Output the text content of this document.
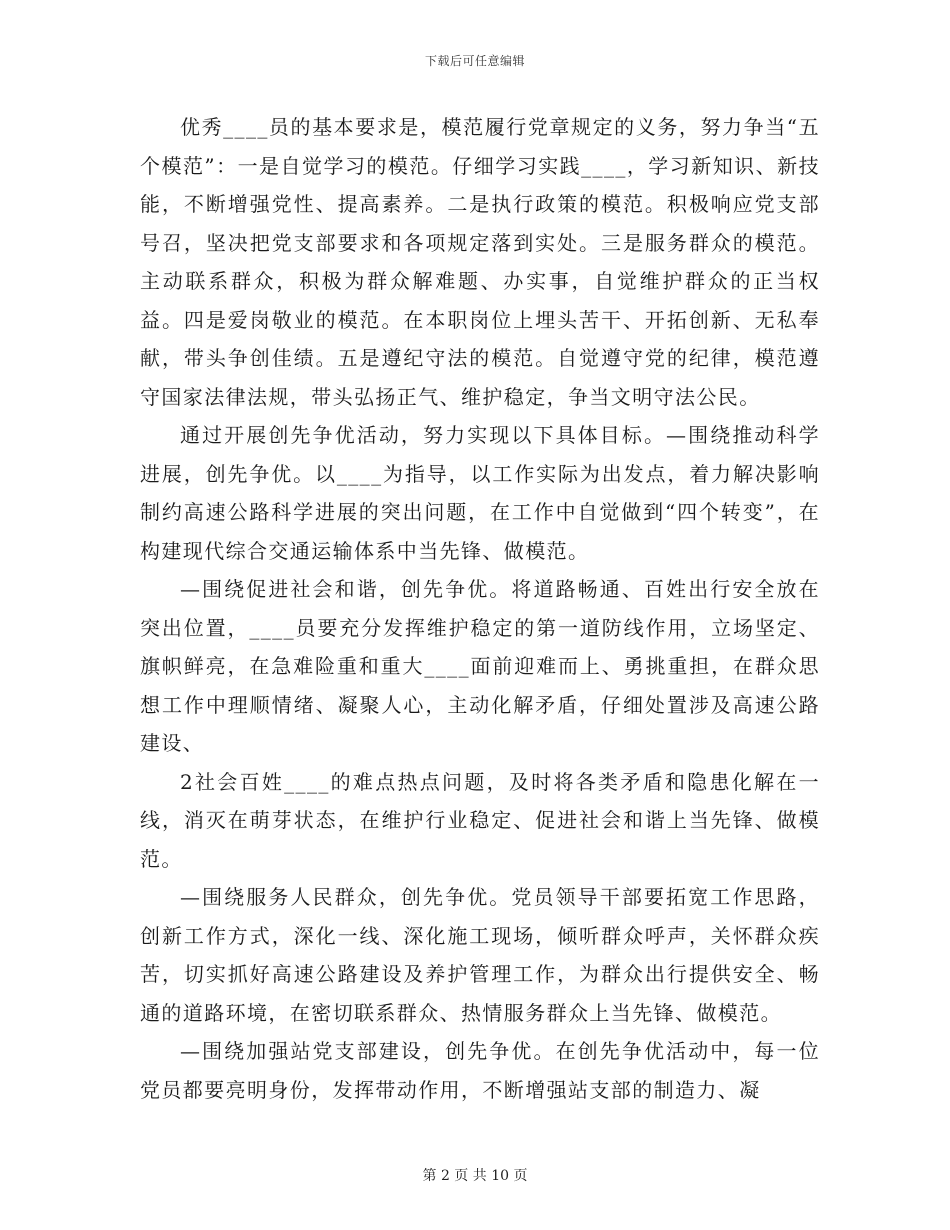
下载后可任意编辑

优秀____员的基本要求是，模范履行党章规定的义务，努力争当“五个模范”：一是自觉学习的模范。仔细学习实践____，学习新知识、新技能，不断增强党性、提高素养。二是执行政策的模范。积极响应党支部号召，坚决把党支部要求和各项规定落到实处。三是服务群众的模范。主动联系群众，积极为群众解难题、办实事，自觉维护群众的正当权益。四是爱岗敬业的模范。在本职岗位上埋头苦干、开拓创新、无私奉献，带头争创佳绩。五是遵纪守法的模范。自觉遵守党的纪律，模范遵守国家法律法规，带头弘扬正气、维护稳定，争当文明守法公民。

通过开展创先争优活动，努力实现以下具体目标。—围绕推动科学进展，创先争优。以____为指导，以工作实际为出发点，着力解决影响制约高速公路科学进展的突出问题，在工作中自觉做到“四个转变”，在构建现代综合交通运输体系中当先锋、做模范。

—围绕促进社会和谐，创先争优。将道路畅通、百姓出行安全放在突出位置，____员要充分发挥维护稳定的第一道防线作用，立场坚定、旗帜鲜亮，在急难险重和重大____面前迎难而上、勇挑重担，在群众思想工作中理顺情绪、凝聚人心，主动化解矛盾，仔细处置涉及高速公路建设、

2社会百姓____的难点热点问题，及时将各类矛盾和隐患化解在一线，消灭在萌芽状态，在维护行业稳定、促进社会和谐上当先锋、做模范。

—围绕服务人民群众，创先争优。党员领导干部要拓宽工作思路，创新工作方式，深化一线、深化施工现场，倾听群众呼声，关怀群众疾苦，切实抓好高速公路建设及养护管理工作，为群众出行提供安全、畅通的道路环境，在密切联系群众、热情服务群众上当先锋、做模范。

—围绕加强站党支部建设，创先争优。在创先争优活动中，每一位党员都要亮明身份，发挥带动作用，不断增强站支部的制造力、凝

第 2 页 共 10 页
